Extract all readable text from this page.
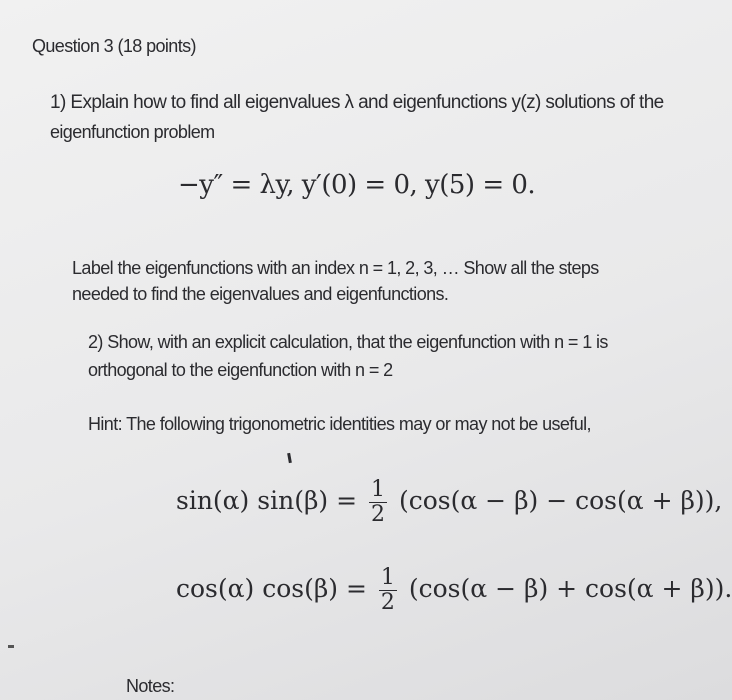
Question 3 (18 points)
1) Explain how to find all eigenvalues λ and eigenfunctions y(z) solutions of the
eigenfunction problem
−y″ = λy, y′(0) = 0, y(5) = 0.
Label the eigenfunctions with an index n = 1, 2, 3, … Show all the steps
needed to find the eigenvalues and eigenfunctions.
2) Show, with an explicit calculation, that the eigenfunction with n = 1 is
orthogonal to the eigenfunction with n = 2
Hint: The following trigonometric identities may or may not be useful,
sin(α) $\sin(\beta) = \frac{1}{2} (\cos(\alpha - \beta) - \cos(\alpha + \beta))$,
cos(α) $\cos(\beta) = \frac{1}{2} (\cos(\alpha - \beta) + \cos(\alpha + \beta))$.
Notes:
